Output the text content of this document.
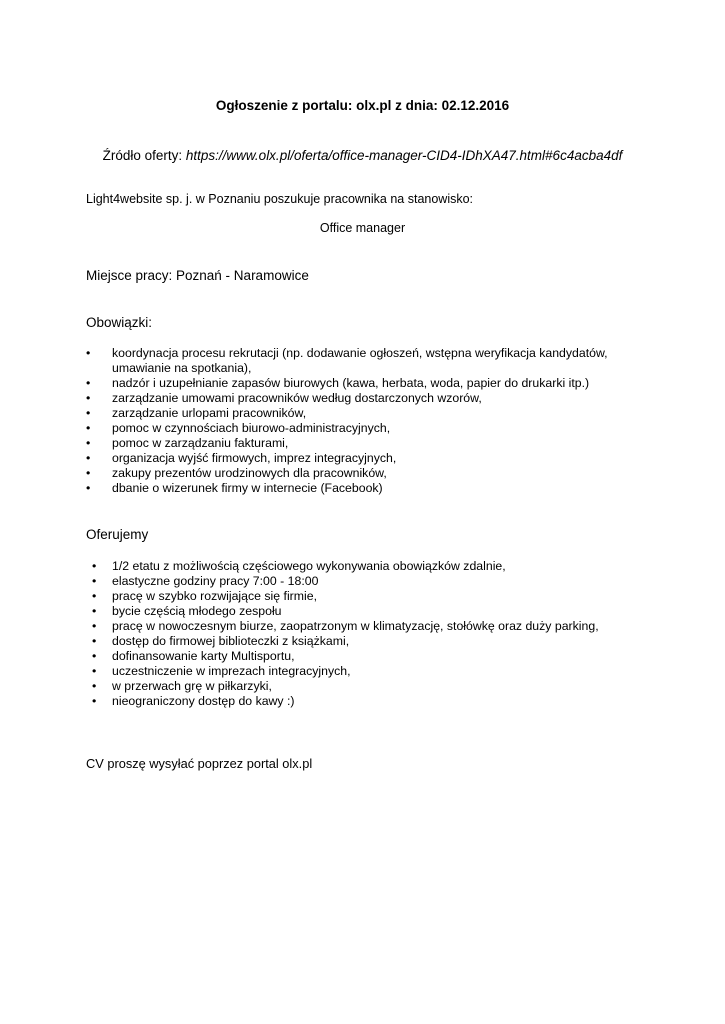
Ogłoszenie z portalu: olx.pl z dnia: 02.12.2016
Źródło oferty: https://www.olx.pl/oferta/office-manager-CID4-IDhXA47.html#6c4acba4df
Light4website sp. j. w Poznaniu poszukuje pracownika na stanowisko:
Office manager
Miejsce pracy: Poznań - Naramowice
Obowiązki:
• koordynacja procesu rekrutacji (np. dodawanie ogłoszeń, wstępna weryfikacja kandydatów, umawianie na spotkania),
• nadzór i uzupełnianie zapasów biurowych (kawa, herbata, woda, papier do drukarki itp.)
• zarządzanie umowami pracowników według dostarczonych wzorów,
• zarządzanie urlopami pracowników,
• pomoc w czynnościach biurowo-administracyjnych,
• pomoc w zarządzaniu fakturami,
• organizacja wyjść firmowych, imprez integracyjnych,
• zakupy prezentów urodzinowych dla pracowników,
• dbanie o wizerunek firmy w internecie (Facebook)
Oferujemy
• 1/2 etatu z możliwością częściowego wykonywania obowiązków zdalnie,
• elastyczne godziny pracy 7:00 - 18:00
• pracę w szybko rozwijające się firmie,
• bycie częścią młodego zespołu
• pracę w nowoczesnym biurze, zaopatrzonym w klimatyzację, stołówkę oraz duży parking,
• dostęp do firmowej biblioteczki z książkami,
• dofinansowanie karty Multisportu,
• uczestniczenie w imprezach integracyjnych,
• w przerwach grę w piłkarzyki,
• nieograniczony dostęp do kawy :)
CV proszę wysyłać poprzez portal olx.pl
